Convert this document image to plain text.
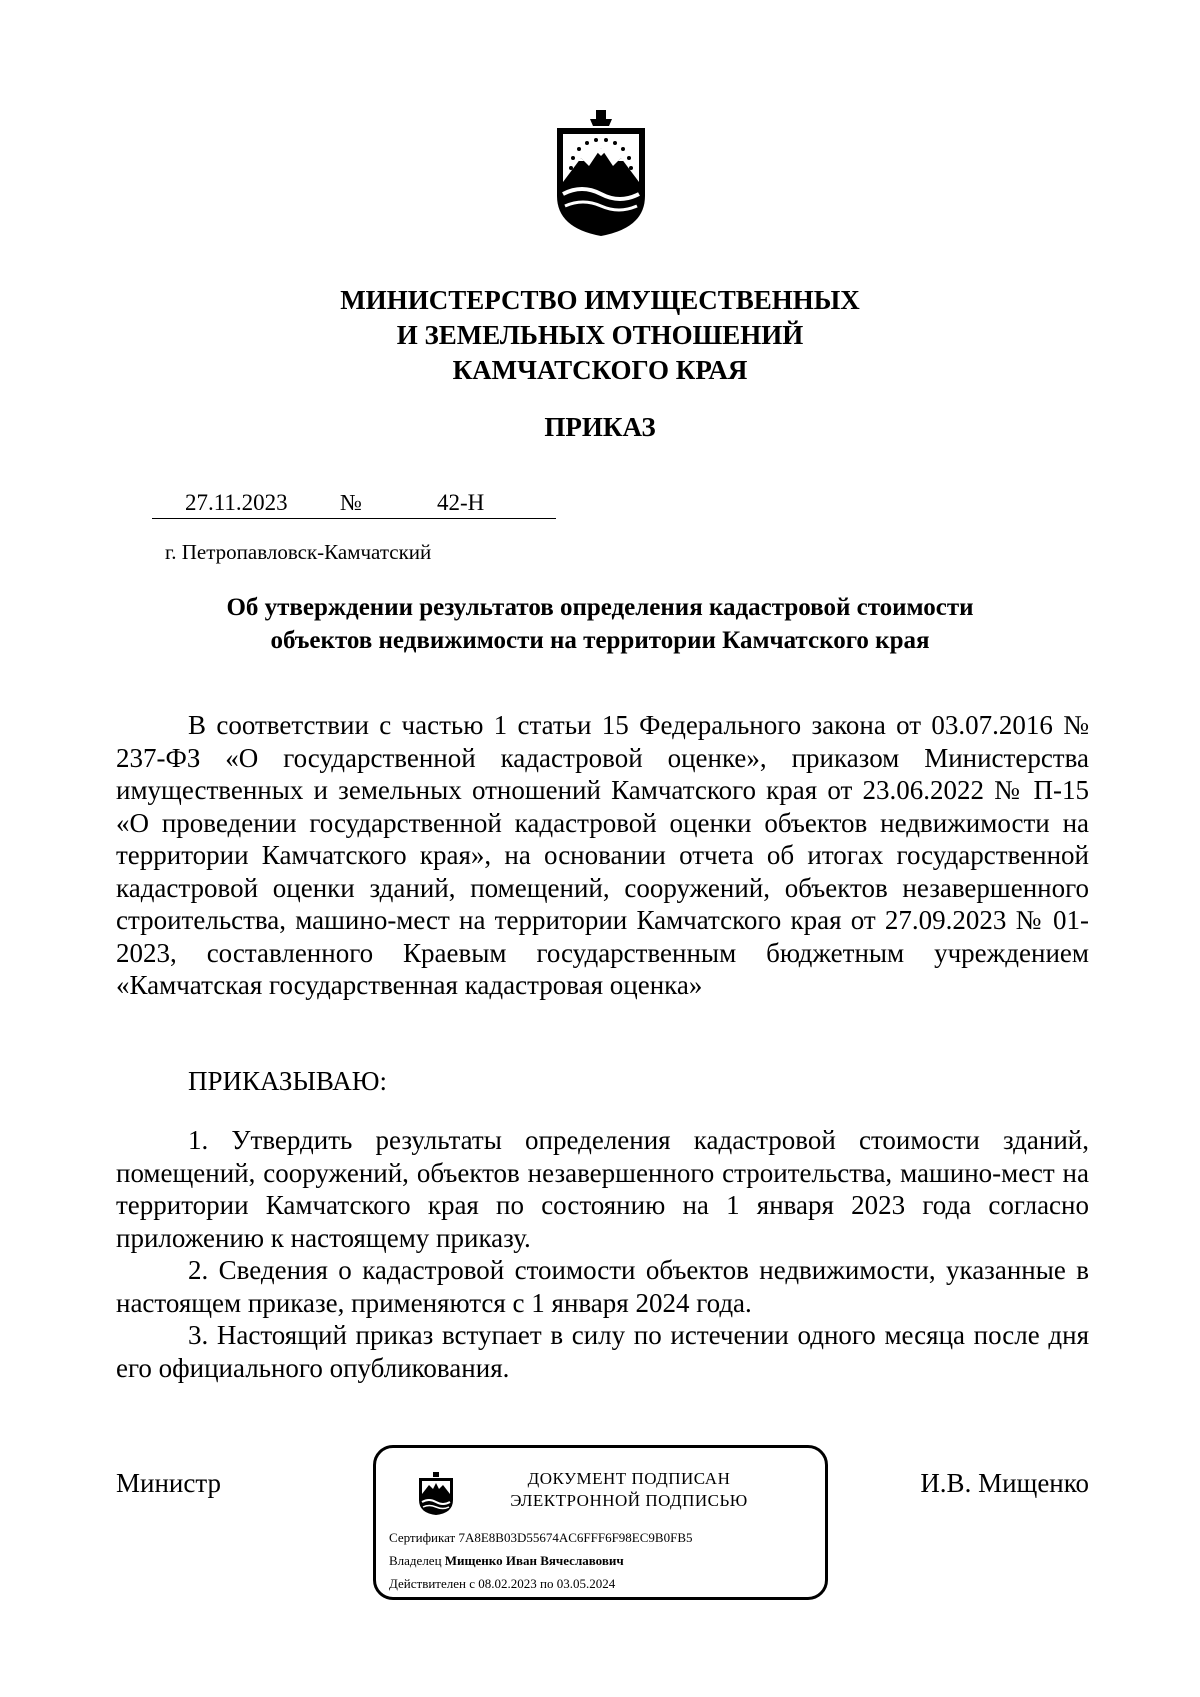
МИНИСТЕРСТВО ИМУЩЕСТВЕННЫХ
И ЗЕМЕЛЬНЫХ ОТНОШЕНИЙ
КАМЧАТСКОГО КРАЯ
ПРИКАЗ
27.11.2023 №	42-Н
г. Петропавловск-Камчатский
Об утверждении результатов определения кадастровой стоимости
объектов недвижимости на территории Камчатского края

В соответствии с частью 1 статьи 15 Федерального закона от 03.07.2016 № 237-ФЗ «О государственной кадастровой оценке», приказом Министерства имущественных и земельных отношений Камчатского края от 23.06.2022 № П-15 «О проведении государственной кадастровой оценки объектов недвижимости на территории Камчатского края», на основании отчета об итогах государственной кадастровой оценки зданий, помещений, сооружений, объектов незавершенного строительства, машино-мест на территории Камчатского края от 27.09.2023 № 01-2023, составленного Краевым государственным бюджетным учреждением «Камчатская государственная кадастровая оценка»

ПРИКАЗЫВАЮ:

1. Утвердить результаты определения кадастровой стоимости зданий, помещений, сооружений, объектов незавершенного строительства, машино-мест на территории Камчатского края по состоянию на 1 января 2023 года согласно приложению к настоящему приказу.

2. Сведения о кадастровой стоимости объектов недвижимости, указанные в настоящем приказе, применяются с 1 января 2024 года.

3. Настоящий приказ вступает в силу по истечении одного месяца после дня его официального опубликования.

Министр	И.В. Мищенко
ДОКУМЕНТ ПОДПИСАН
ЭЛЕКТРОННОЙ ПОДПИСЬЮ
Сертификат 7A8E8B03D55674AC6FFF6F98EC9B0FB5
Владелец Мищенко Иван Вячеславович
Действителен с 08.02.2023 по 03.05.2024
